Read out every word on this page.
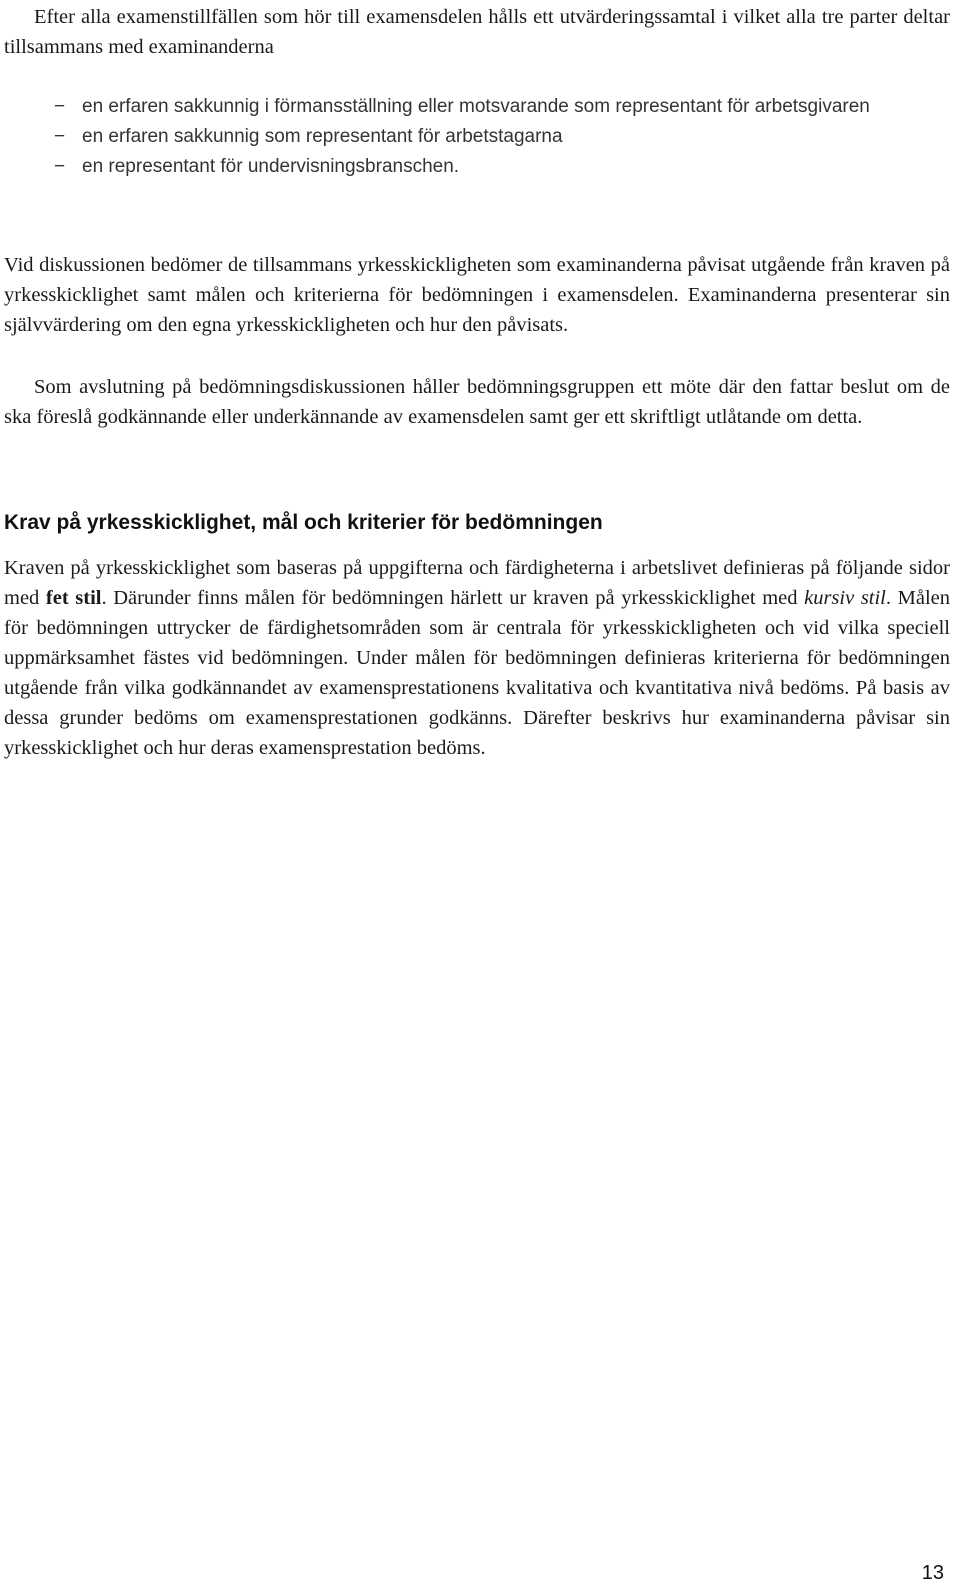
Efter alla examenstillfällen som hör till examensdelen hålls ett utvärderingssamtal i vilket alla tre parter deltar tillsammans med examinanderna

− en erfaren sakkunnig i förmansställning eller motsvarande som representant för arbetsgivaren
− en erfaren sakkunnig som representant för arbetstagarna
− en representant för undervisningsbranschen.

Vid diskussionen bedömer de tillsammans yrkesskickligheten som examinanderna påvisat utgående från kraven på yrkesskicklighet samt målen och kriterierna för bedömningen i examensdelen. Examinanderna presenterar sin självvärdering om den egna yrkesskickligheten och hur den påvisats.

Som avslutning på bedömningsdiskussionen håller bedömningsgruppen ett möte där den fattar beslut om de ska föreslå godkännande eller underkännande av examensdelen samt ger ett skriftligt utlåtande om detta.

Krav på yrkesskicklighet, mål och kriterier för bedömningen

Kraven på yrkesskicklighet som baseras på uppgifterna och färdigheterna i arbetslivet definieras på följande sidor med fet stil. Därunder finns målen för bedömningen härlett ur kraven på yrkesskicklighet med kursiv stil. Målen för bedömningen uttrycker de färdighetsområden som är centrala för yrkesskickligheten och vid vilka speciell uppmärksamhet fästes vid bedömningen. Under målen för bedömningen definieras kriterierna för bedömningen utgående från vilka godkännandet av examensprestationens kvalitativa och kvantitativa nivå bedöms. På basis av dessa grunder bedöms om examensprestationen godkänns. Därefter beskrivs hur examinanderna påvisar sin yrkesskicklighet och hur deras examensprestation bedöms.

13
